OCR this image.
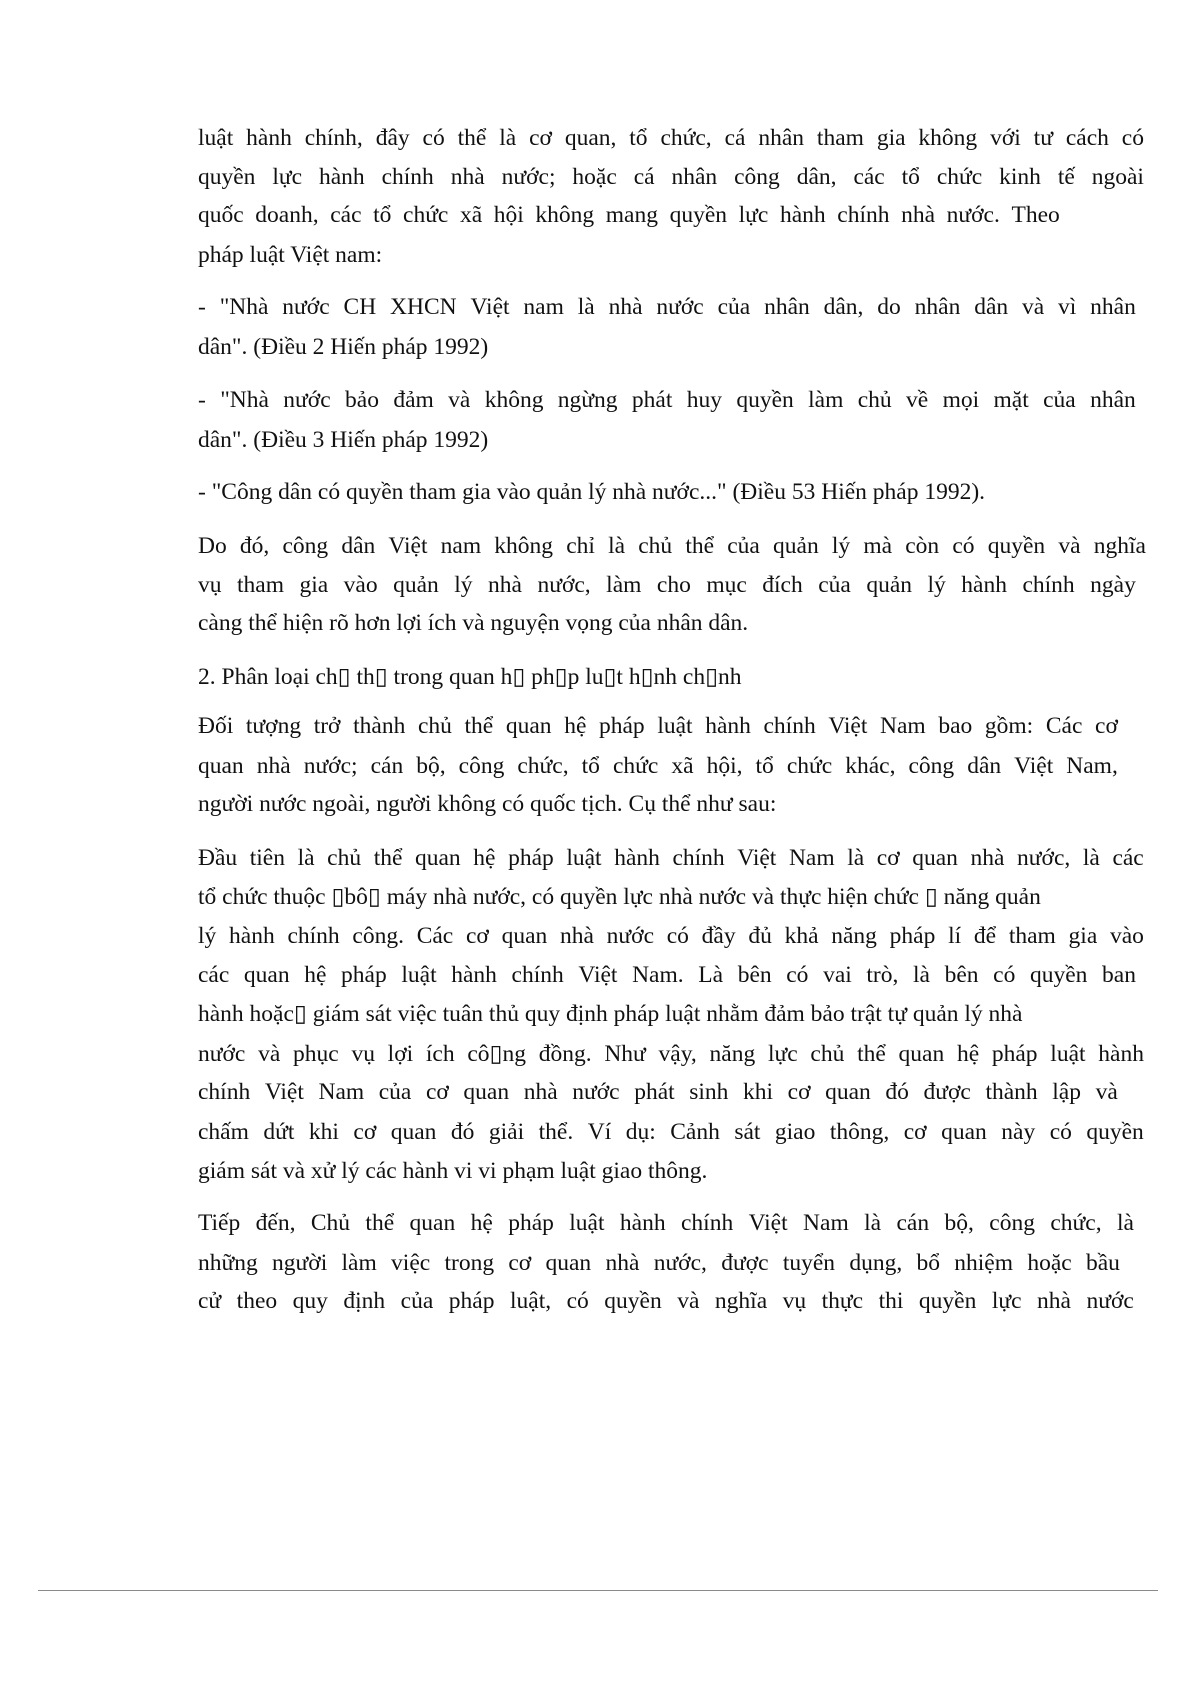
luật hành chính, đây có thể là cơ quan, tổ chức, cá nhân tham gia không với tư cách có
quyền lực hành chính nhà nước; hoặc cá nhân công dân, các tổ chức kinh tế ngoài
quốc doanh, các tổ chức xã hội không mang quyền lực hành chính nhà nước. Theo
pháp luật Việt nam:
- "Nhà nước CH XHCN Việt nam là nhà nước của nhân dân, do nhân dân và vì nhân
dân". (Điều 2 Hiến pháp 1992)
- "Nhà nước bảo đảm và không ngừng phát huy quyền làm chủ về mọi mặt của nhân
dân". (Điều 3 Hiến pháp 1992)
- "Công dân có quyền tham gia vào quản lý nhà nước..." (Điều 53 Hiến pháp 1992).
Do đó, công dân Việt nam không chỉ là chủ thể của quản lý mà còn có quyền và nghĩa
vụ tham gia vào quản lý nhà nước, làm cho mục đích của quản lý hành chính ngày
càng thể hiện rõ hơn lợi ích và nguyện vọng của nhân dân.
2. Phân loại ch▯ th▯ trong quan h▯ ph▯p lu▯t h▯nh ch▯nh
Đối tượng trở thành chủ thể quan hệ pháp luật hành chính Việt Nam bao gồm: Các cơ
quan nhà nước; cán bộ, công chức, tổ chức xã hội, tổ chức khác, công dân Việt Nam,
người nước ngoài, người không có quốc tịch. Cụ thể như sau:
Đầu tiên là chủ thể quan hệ pháp luật hành chính Việt Nam là cơ quan nhà nước, là các
tổ chức thuộc ▯bô▯ máy nhà nước, có quyền lực nhà nước và thực hiện chức ▯ năng quản
lý hành chính công. Các cơ quan nhà nước có đầy đủ khả năng pháp lí để tham gia vào
các quan hệ pháp luật hành chính Việt Nam. Là bên có vai trò, là bên có quyền ban
hành hoặc▯ giám sát việc tuân thủ quy định pháp luật nhằm đảm bảo trật tự quản lý nhà
nước và phục vụ lợi ích cô▯ng đồng. Như vậy, năng lực chủ thể quan hệ pháp luật hành
chính Việt Nam của cơ quan nhà nước phát sinh khi cơ quan đó được thành lập và
chấm dứt khi cơ quan đó giải thể. Ví dụ: Cảnh sát giao thông, cơ quan này có quyền
giám sát và xử lý các hành vi vi phạm luật giao thông.
Tiếp đến, Chủ thể quan hệ pháp luật hành chính Việt Nam là cán bộ, công chức, là
những người làm việc trong cơ quan nhà nước, được tuyển dụng, bổ nhiệm hoặc bầu
cử theo quy định của pháp luật, có quyền và nghĩa vụ thực thi quyền lực nhà nước
